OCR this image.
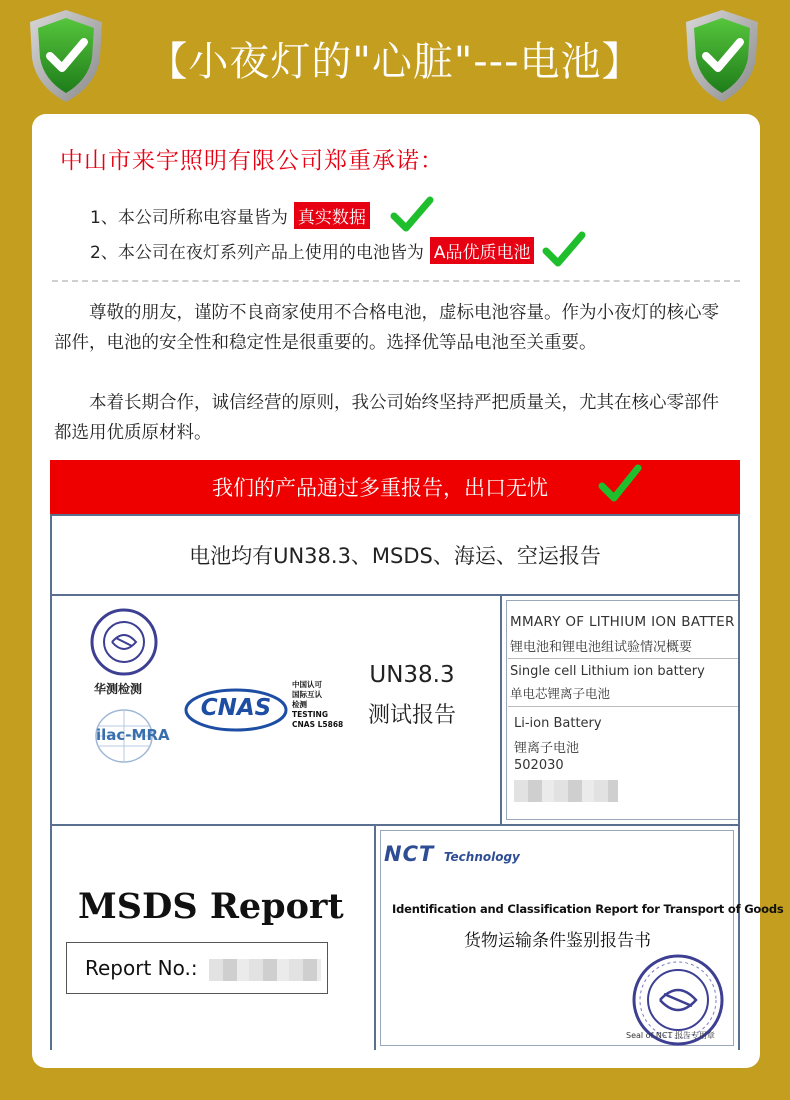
【小夜灯的"心脏"---电池】
中山市来宇照明有限公司郑重承诺：
1、本公司所称电容量皆为 真实数据
2、本公司在夜灯系列产品上使用的电池皆为 A品优质电池

尊敬的朋友，谨防不良商家使用不合格电池，虚标电池容量。作为小夜灯的核心零部件，电池的安全性和稳定性是很重要的。选择优等品电池至关重要。

本着长期合作，诚信经营的原则，我公司始终坚持严把质量关，尤其在核心零部件都选用优质原材料。

我们的产品通过多重报告，出口无忧
电池均有UN38.3、MSDS、海运、空运报告
华测检测
ilac-MRA
CNAS
中国认可
国际互认
检测
TESTING
CNAS L5868
UN38.3
测试报告
MMARY OF LITHIUM ION BATTER
锂电池和锂电池组试验情况概要
Single cell Lithium ion battery
单电芯锂离子电池
Li-ion Battery
锂离子电池
502030
MSDS Report
Report No.:
NCT Technology
Identification and Classification Report for Transport of Goods
货物运输条件鉴别报告书
Seal of NCT 报告专用章
